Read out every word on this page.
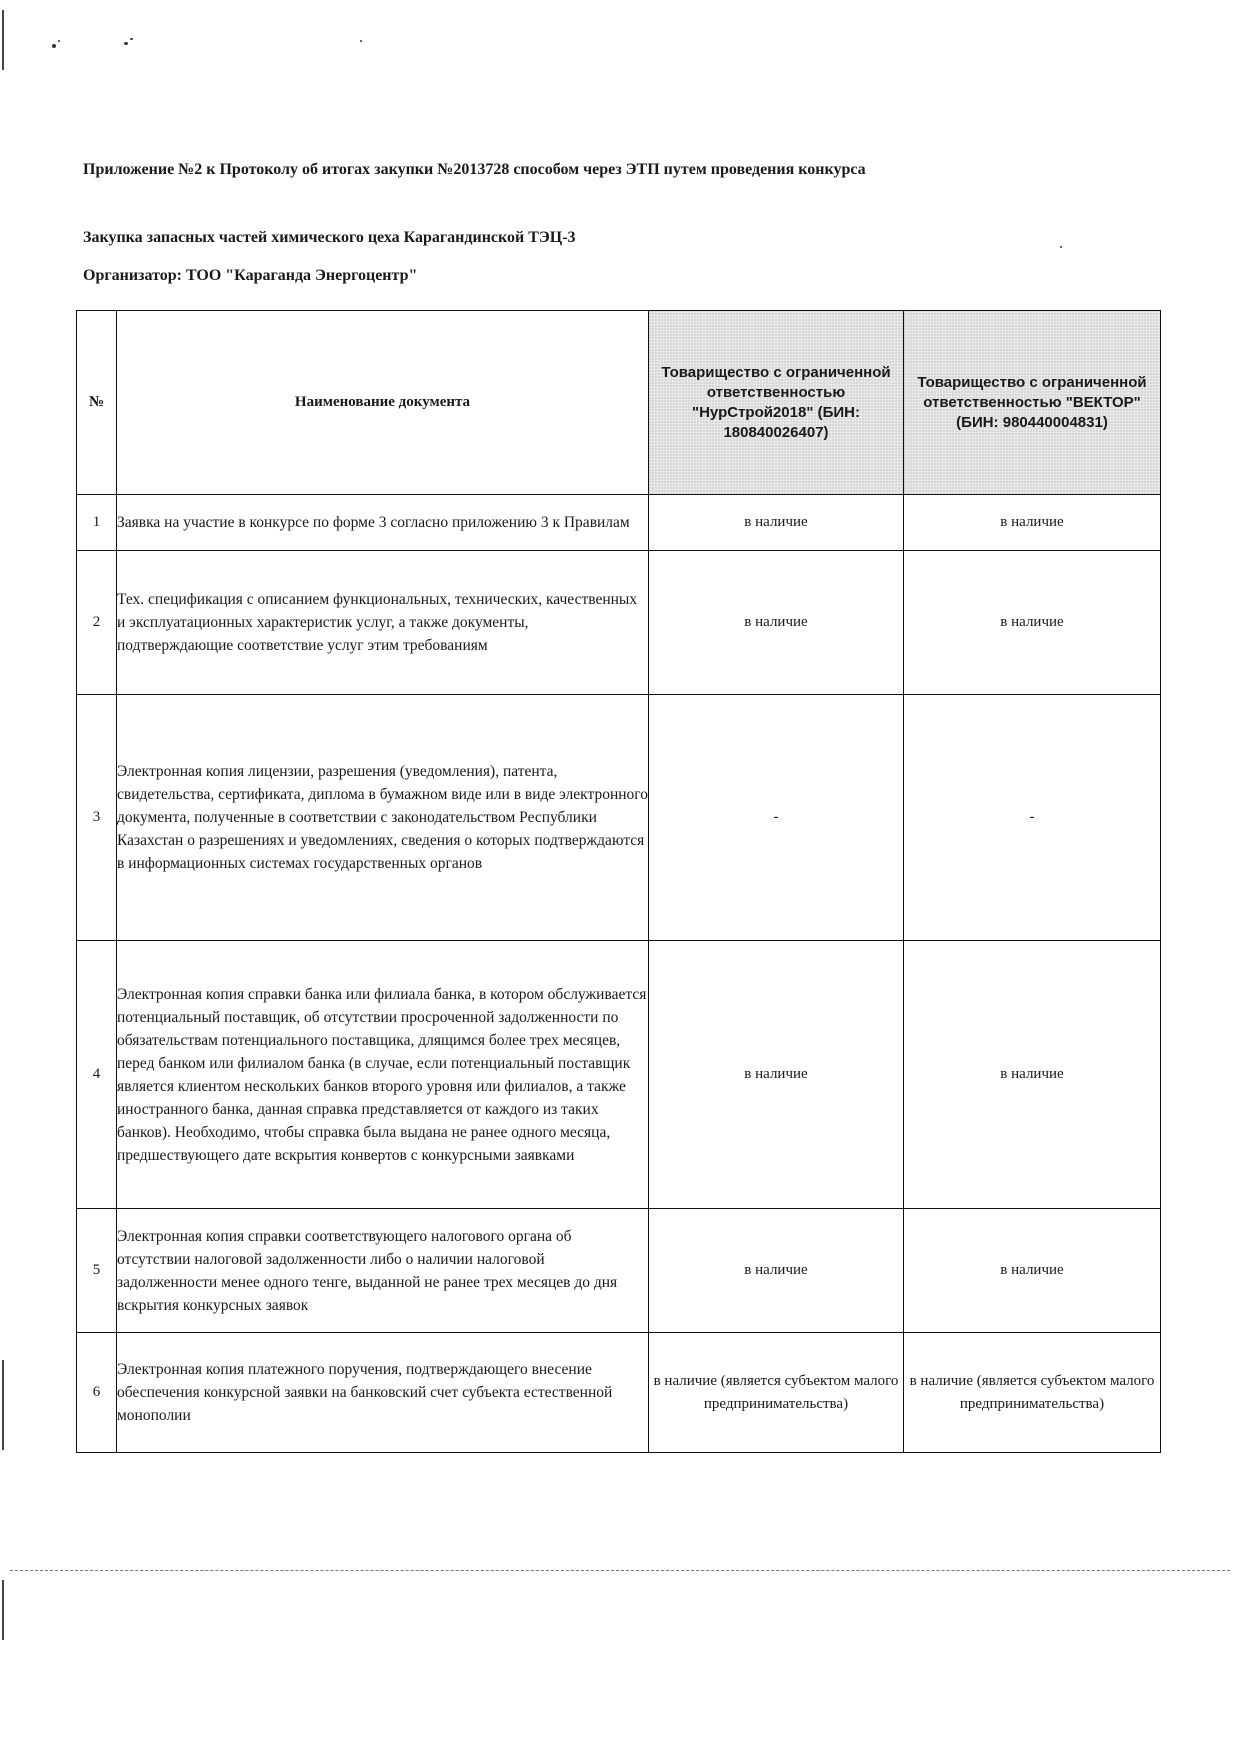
Приложение №2 к Протоколу об итогах закупки №2013728 способом через ЭТП путем проведения конкурса
Закупка запасных частей химического цеха Карагандинской ТЭЦ-3
Организатор: ТОО "Караганда Энергоцентр"
№	Наименование документа	Товарищество с ограниченной ответственностью "НурСтрой2018" (БИН: 180840026407)	Товарищество с ограниченной ответственностью "ВЕКТОР" (БИН: 980440004831)
1	Заявка на участие в конкурсе по форме 3 согласно приложению 3 к Правилам	в наличие	в наличие
2	Тех. спецификация с описанием функциональных, технических, качественных и эксплуатационных характеристик услуг, а также документы, подтверждающие соответствие услуг этим требованиям	в наличие	в наличие
3	Электронная копия лицензии, разрешения (уведомления), патента, свидетельства, сертификата, диплома в бумажном виде или в виде электронного документа, полученные в соответствии с законодательством Республики Казахстан о разрешениях и уведомлениях, сведения о которых подтверждаются в информационных системах государственных органов	-	-
4	Электронная копия справки банка или филиала банка, в котором обслуживается потенциальный поставщик, об отсутствии просроченной задолженности по обязательствам потенциального поставщика, длящимся более трех месяцев, перед банком или филиалом банка (в случае, если потенциальный поставщик является клиентом нескольких банков второго уровня или филиалов, а также иностранного банка, данная справка представляется от каждого из таких банков). Необходимо, чтобы справка была выдана не ранее одного месяца, предшествующего дате вскрытия конвертов с конкурсными заявками	в наличие	в наличие
5	Электронная копия справки соответствующего налогового органа об отсутствии налоговой задолженности либо о наличии налоговой задолженности менее одного тенге, выданной не ранее трех месяцев до дня вскрытия конкурсных заявок	в наличие	в наличие
6	Электронная копия платежного поручения, подтверждающего внесение обеспечения конкурсной заявки на банковский счет субъекта естественной монополии	в наличие (является субъектом малого предпринимательства)	в наличие (является субъектом малого предпринимательства)
